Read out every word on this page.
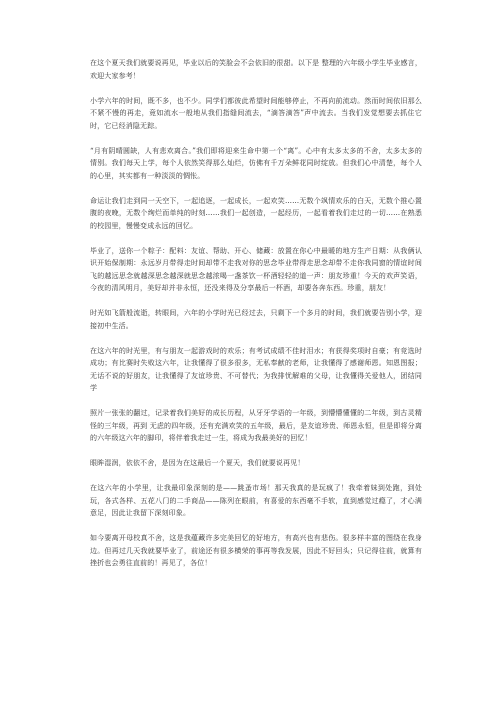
在这个夏天我们就要说再见，毕业以后的笑脸会不会依旧的很甜。以下是 整理的六年级小学生毕业感言，欢迎大家参考！

小学六年的时间，既不多，也不少。同学们都彼此希望时间能够停止，不再向前流动。然而时间依旧那么不紧不慢的再走，竟如流水一般地从我们指缝间流去，“滴答滴答”声中流去。当我们发觉想要去抓住它时，它已经消隐无踪。

“月有阴晴圆缺，人有悲欢离合。”我们即将迎来生命中第一个“离”。心中有太多太多的不舍，太多太多的情别。我们每天上学，每个人依然笑得那么灿烂，仿佛有千万朵鲜花同时绽放。但我们心中清楚，每个人的心里，其实都有一种淡淡的惆怅。

命运让我们走到同一天空下，一起追逐，一起成长，一起欢笑……无数个飒情欢乐的白天，无数个推心置腹的夜晚，无数个绚烂而单纯的时刻……我们一起创造，一起经历，一起看着我们走过的一切……在熟悉的校园里，慢慢变成永远的回忆。

毕业了，送你一个粽子：配料：友谊、帮助、开心、储藏：放置在你心中最暖的地方生产日期：从我俩认识开始保制期：永远岁月带得走时间却带不走我对你的思念毕业带得走思念却带不走你我同窗的情谊时间飞的越远思念就越深思念越深就思念越浓喝一盏茶饮一杯酒轻轻的道一声：朋友珍重！今天的欢声笑语，今夜的清风明月，美好却并非永恒，还没来得及分享最后一杯酒，却要各奔东西。珍重，朋友！

时光如飞箭般流逝，转眼间，六年的小学时光已经过去，只剩下一个多月的时间，我们就要告别小学，迎接初中生活。

在这六年的时光里，有与朋友一起游戏时的欢乐；有考试成绩不佳时泪水；有获得奖项时自豪；有竞选时成功；有比赛时失败这六年，让我懂得了很多很多，无私奉献的老师，让我懂得了感谢师恩。知恩图报；无话不说的好朋友，让我懂得了友谊珍贵、不可替代；为我排忧解难的父母，让我懂得关爱他人，团结同学

照片一张张的翻过，记录着我们美好的成长历程，从牙牙学语的一年级，到懵懵懂懂的二年级，到古灵精怪的三年级，再到 无虑的四年级，还有充满欢笑的五年级，最后，是友谊珍贵、师恩永恒，但是即将分离的六年级这六年的脚印，将伴着我走过一生，将成为我最美好的回忆！

眼眸湿润，依依不舍，是因为在这最后一个夏天，我们就要说再见！

在这六年的小学里，让我最印象深刻的是——跳蚤市场！那天我真的是玩疯了！我牵着妹到处跑，到处玩，各式各样、五花八门的二手商品——陈列在眼前，有喜爱的东西毫不手软，直到感觉过瘾了，才心满意足，因此让我留下深刻印象。

如今要离开母校真不舍，这是我蕴藏许多完美回忆的好地方，有高兴也有悲伤。很多样丰富的图绕在我身边。但再过几天我就要毕业了，前途还有很多横荣的事再等我发展，因此不好回头；只记得往前，就算有挫折也会勇往直前的！再见了，各位！
